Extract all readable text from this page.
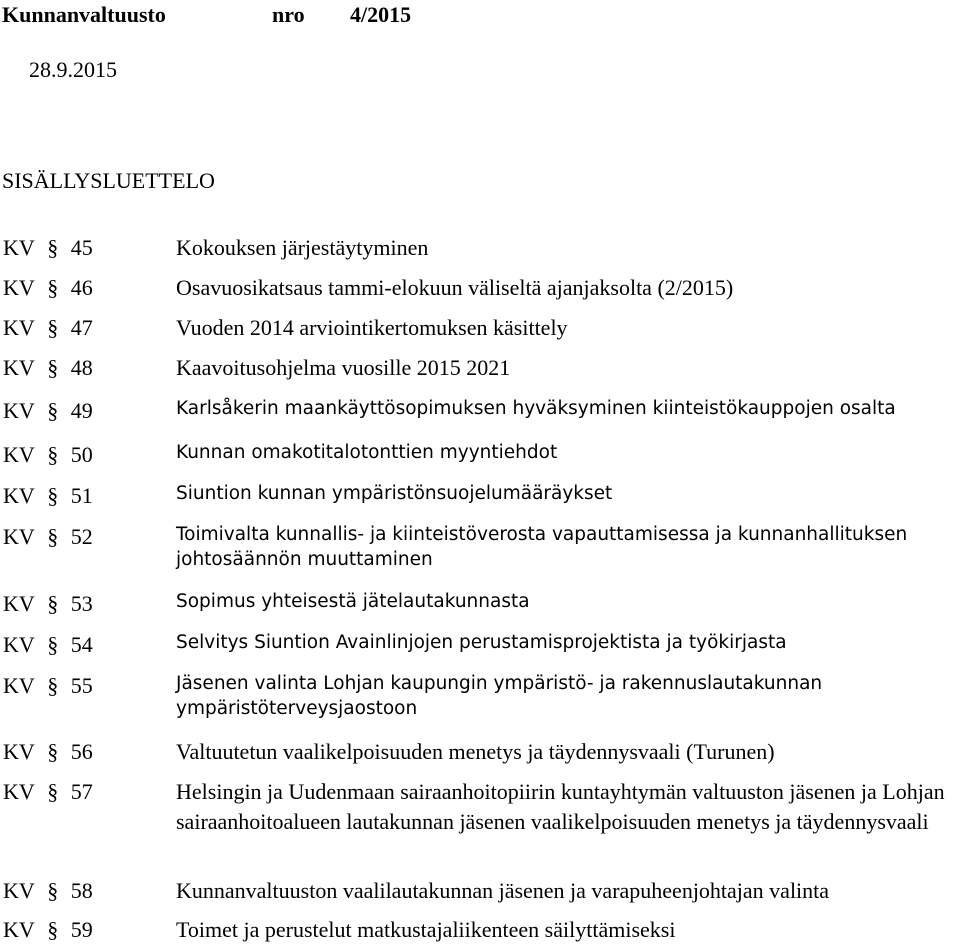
Kunnanvaltuusto	nro 4/2015
28.9.2015
SISÄLLYSLUETTELO
KV § 45	Kokouksen järjestäytyminen
KV § 46	Osavuosikatsaus tammi-elokuun väliseltä ajanjaksolta (2/2015)
KV § 47	Vuoden 2014 arviointikertomuksen käsittely
KV § 48	Kaavoitusohjelma vuosille 2015 2021
KV § 49	Karlsåkerin maankäyttösopimuksen hyväksyminen kiinteistökauppojen osalta
KV § 50	Kunnan omakotitalotonttien myyntiehdot
KV § 51	Siuntion kunnan ympäristönsuojelumääräykset
KV § 52	Toimivalta kunnallis- ja kiinteistöverosta vapauttamisessa ja kunnanhallituksen johtosäännön muuttaminen
KV § 53	Sopimus yhteisestä jätelautakunnasta
KV § 54	Selvitys Siuntion Avainlinjojen perustamisprojektista ja työkirjasta
KV § 55	Jäsenen valinta Lohjan kaupungin ympäristö- ja rakennuslautakunnan ympäristöterveysjaostoon
KV § 56	Valtuutetun vaalikelpoisuuden menetys ja täydennysvaali (Turunen)
KV § 57	Helsingin ja Uudenmaan sairaanhoitopiirin kuntayhtymän valtuuston jäsenen ja Lohjan sairaanhoitoalueen lautakunnan jäsenen vaalikelpoisuuden menetys ja täydennysvaali
KV § 58	Kunnanvaltuuston vaalilautakunnan jäsenen ja varapuheenjohtajan valinta
KV § 59	Toimet ja perustelut matkustajaliikenteen säilyttämiseksi
